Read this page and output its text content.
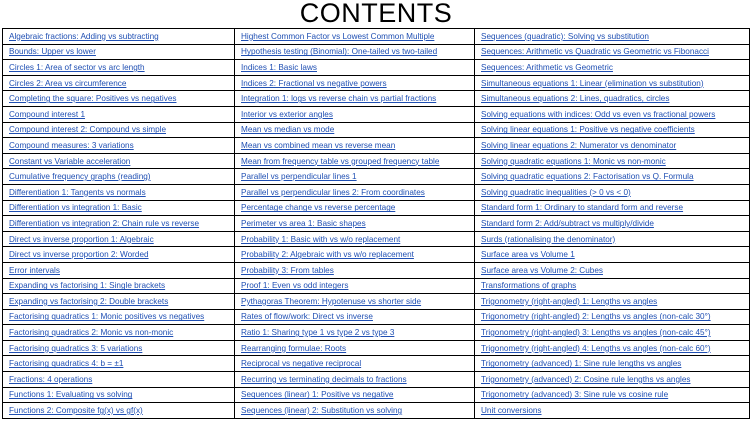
CONTENTS
Algebraic fractions: Adding vs subtracting	Highest Common Factor vs Lowest Common Multiple	Sequences (quadratic): Solving vs substitution
Bounds: Upper vs lower	Hypothesis testing (Binomial): One-tailed vs two-tailed	Sequences: Arithmetic vs Quadratic vs Geometric vs Fibonacci
Circles 1: Area of sector vs arc length	Indices 1: Basic laws	Sequences: Arithmetic vs Geometric
Circles 2: Area vs circumference	Indices 2: Fractional vs negative powers	Simultaneous equations 1: Linear (elimination vs substitution)
Completing the square: Positives vs negatives	Integration 1: logs vs reverse chain vs partial fractions	Simultaneous equations 2: Lines, quadratics, circles
Compound interest 1	Interior vs exterior angles	Solving equations with indices: Odd vs even vs fractional powers
Compound interest 2: Compound vs simple	Mean vs median vs mode	Solving linear equations 1: Positive vs negative coefficients
Compound measures: 3 variations	Mean vs combined mean vs reverse mean	Solving linear equations 2: Numerator vs denominator
Constant vs Variable acceleration	Mean from frequency table vs grouped frequency table	Solving quadratic equations 1: Monic vs non-monic
Cumulative frequency graphs (reading)	Parallel vs perpendicular lines 1	Solving quadratic equations 2: Factorisation vs Q. Formula
Differentiation 1: Tangents vs normals	Parallel vs perpendicular lines 2: From coordinates	Solving quadratic inequalities (> 0 vs < 0)
Differentiation vs integration 1: Basic	Percentage change vs reverse percentage	Standard form 1: Ordinary to standard form and reverse
Differentiation vs integration 2: Chain rule vs reverse	Perimeter vs area 1: Basic shapes	Standard form 2: Add/subtract vs multiply/divide
Direct vs inverse proportion 1: Algebraic	Probability 1: Basic with vs w/o replacement	Surds (rationalising the denominator)
Direct vs inverse proportion 2: Worded	Probability 2: Algebraic with vs w/o replacement	Surface area vs Volume 1
Error intervals	Probability 3: From tables	Surface area vs Volume 2: Cubes
Expanding vs factorising 1: Single brackets	Proof 1: Even vs odd integers	Transformations of graphs
Expanding vs factorising 2: Double brackets	Pythagoras Theorem: Hypotenuse vs shorter side	Trigonometry (right-angled) 1: Lengths vs angles
Factorising quadratics 1: Monic positives vs negatives	Rates of flow/work: Direct vs inverse	Trigonometry (right-angled) 2: Lengths vs angles (non-calc 30°)
Factorising quadratics 2: Monic vs non-monic	Ratio 1: Sharing type 1 vs type 2 vs type 3	Trigonometry (right-angled) 3: Lengths vs angles (non-calc 45°)
Factorising quadratics 3: 5 variations	Rearranging formulae: Roots	Trigonometry (right-angled) 4: Lengths vs angles (non-calc 60°)
Factorising quadratics 4: b = ±1	Reciprocal vs negative reciprocal	Trigonometry (advanced) 1: Sine rule lengths vs angles
Fractions: 4 operations	Recurring vs terminating decimals to fractions	Trigonometry (advanced) 2: Cosine rule lengths vs angles
Functions 1: Evaluating vs solving	Sequences (linear) 1: Positive vs negative	Trigonometry (advanced) 3: Sine rule vs cosine rule
Functions 2: Composite fg(x) vs gf(x)	Sequences (linear) 2: Substitution vs solving	Unit conversions
